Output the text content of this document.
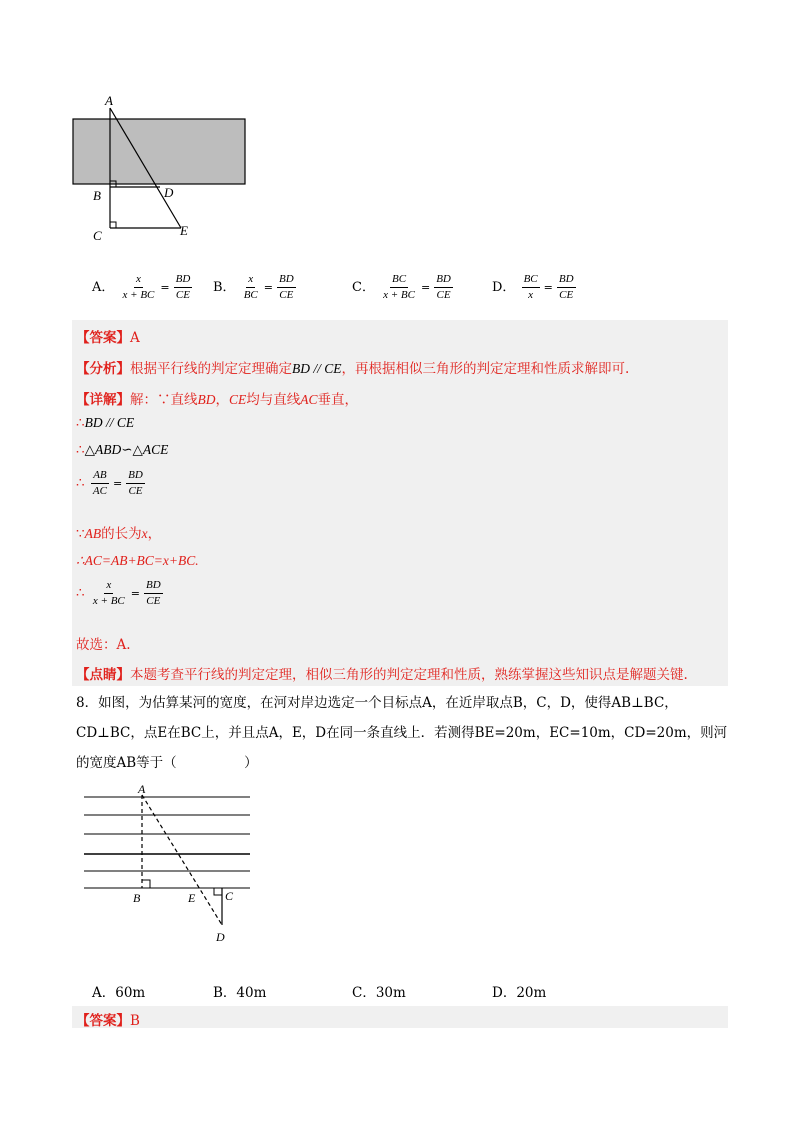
A
B
C
D
E
A． $\frac{x}{x + BC} = \frac{BD}{CE}$ B． $\frac{x}{BC} = \frac{BD}{CE}$	C． $\frac{BC}{x + BC} = \frac{BD}{CE}$	D． $\frac{BC}{x} = \frac{BD}{CE}$
【答案】A
【分析】根据平行线的判定定理确定BD // CE，再根据相似三角形的判定定理和性质求解即可.
【详解】解：∵直线BD，CE均与直线AC垂直，
∴BD // CE
∴△ABD∽△ACE
∴ $\frac{AB}{AC} = \frac{BD}{CE}$
∵AB的长为x，
∴AC=AB+BC=x+BC.
∴ $\frac{x}{x + BC} = \frac{BD}{CE}$
故选：A.
【点睛】本题考查平行线的判定定理，相似三角形的判定定理和性质，熟练掌握这些知识点是解题关键.
8．如图，为估算某河的宽度，在河对岸边选定一个目标点A，在近岸取点B，C，D，使得AB⊥BC，
CD⊥BC，点E在BC上，并且点A，E，D在同一条直线上．若测得BE=20m，EC=10m，CD=20m，则河
的宽度AB等于（　　　　　）
A
B	E C
D
A．60m	B．40m	C．30m	D．20m
【答案】B
